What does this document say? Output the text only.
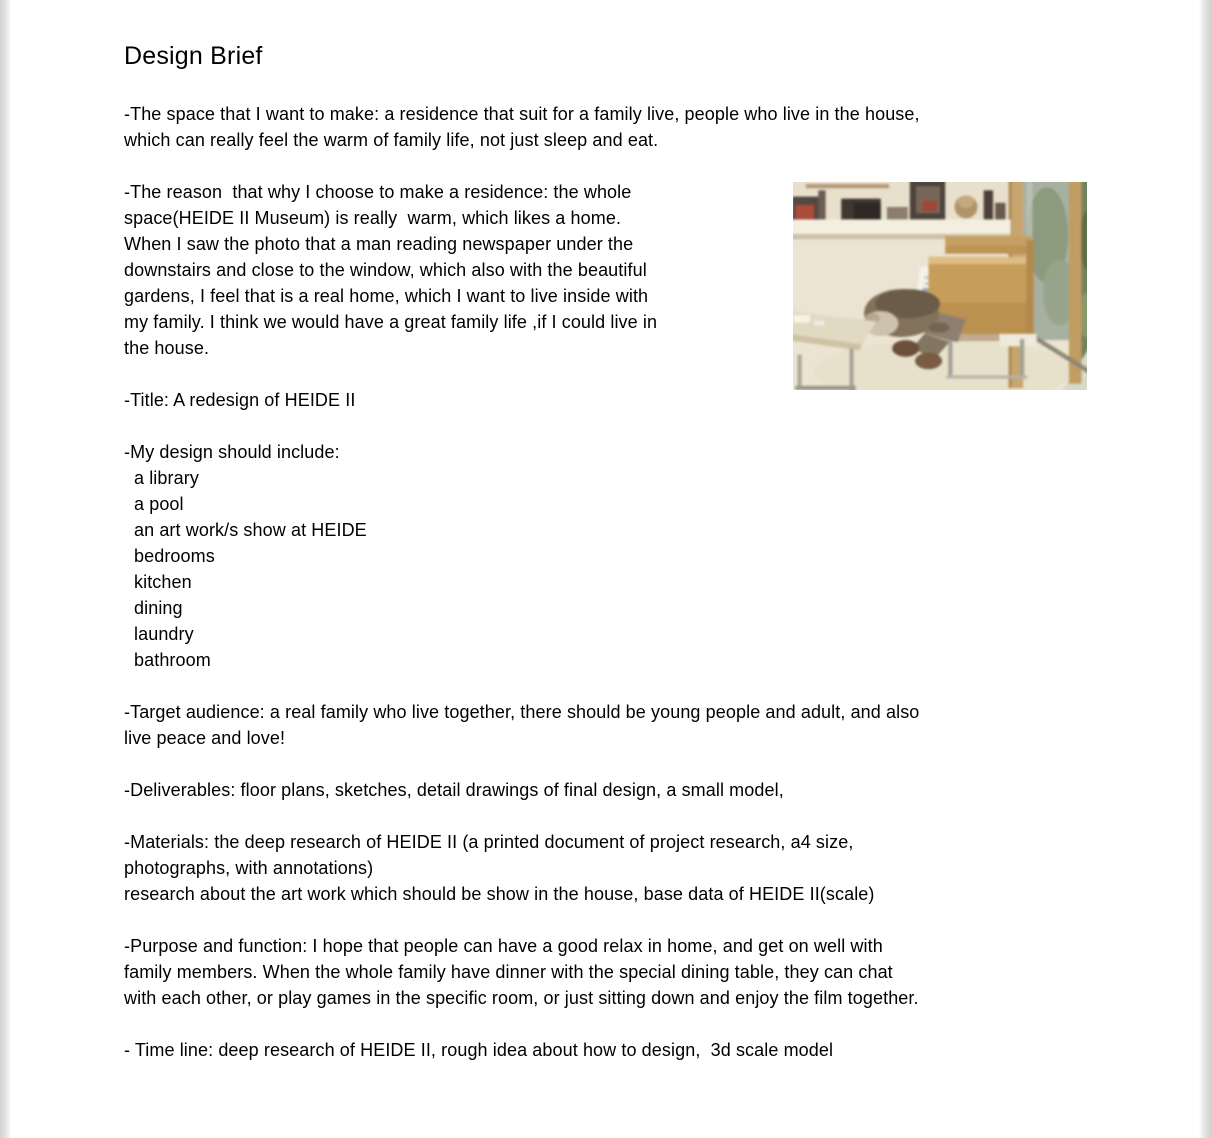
Design Brief
-The space that I want to make: a residence that suit for a family live, people who live in the house,
which can really feel the warm of family life, not just sleep and eat.
-The reason  that why I choose to make a residence: the whole
space(HEIDE II Museum) is really  warm, which likes a home.
When I saw the photo that a man reading newspaper under the
downstairs and close to the window, which also with the beautiful
gardens, I feel that is a real home, which I want to live inside with
my family. I think we would have a great family life ,if I could live in
the house.
-Title: A redesign of HEIDE II
-My design should include:
a library
a pool
an art work/s show at HEIDE
bedrooms
kitchen
dining
laundry
bathroom
-Target audience: a real family who live together, there should be young people and adult, and also
live peace and love!
-Deliverables: floor plans, sketches, detail drawings of final design, a small model,
-Materials: the deep research of HEIDE II (a printed document of project research, a4 size,
photographs, with annotations)
research about the art work which should be show in the house, base data of HEIDE II(scale)
-Purpose and function: I hope that people can have a good relax in home, and get on well with
family members. When the whole family have dinner with the special dining table, they can chat
with each other, or play games in the specific room, or just sitting down and enjoy the film together.
- Time line: deep research of HEIDE II, rough idea about how to design,  3d scale model
